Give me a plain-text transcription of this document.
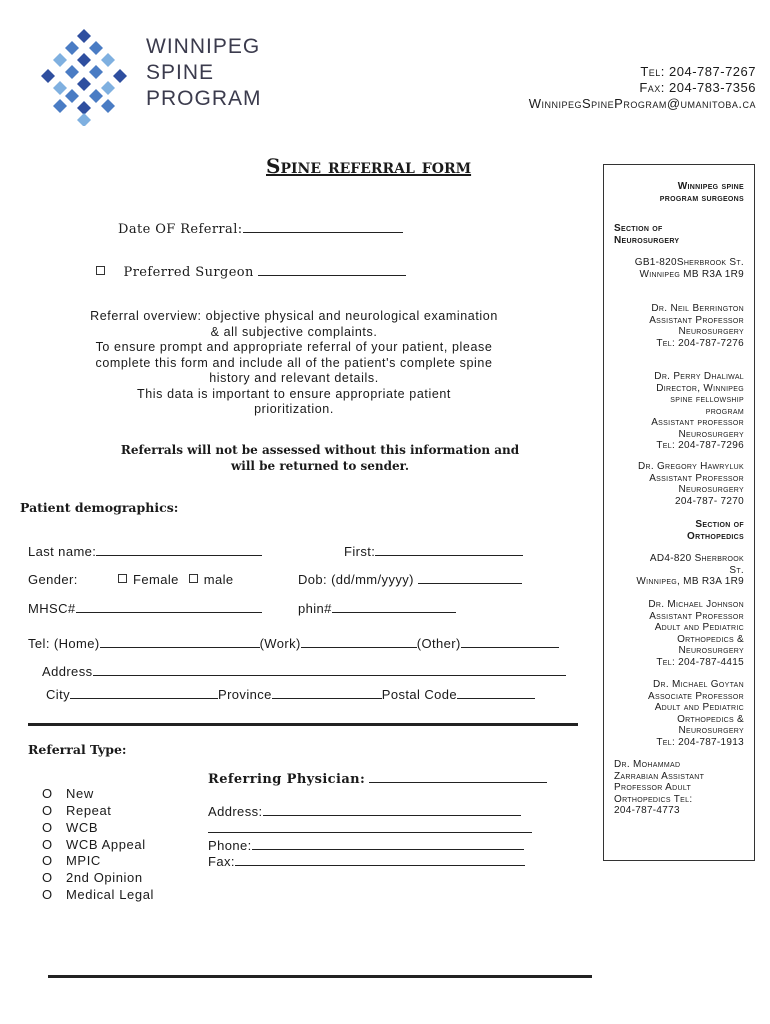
WINNIPEG
SPINE
PROGRAM
Tel: 204-787-7267
Fax: 204-783-7356
WinnipegSpineProgram@umanitoba.ca
Spine referral form
Date OF Referral:
Preferred Surgeon
Referral overview: objective physical and neurological examination
& all subjective complaints.
To ensure prompt and appropriate referral of your patient, please
complete this form and include all of the patient's complete spine
history and relevant details.
This data is important to ensure appropriate patient
prioritization.
Referrals will not be assessed without this information and
will be returned to sender.
Patient demographics:
Last name:	First:
Gender:	Female male	Dob: (dd/mm/yyyy)
MHSC#	phin#
Tel: (Home)	(Work)	(Other)
Address
City	Province	Postal Code
Referral Type:
O New
O Repeat
O WCB
O WCB Appeal
O MPIC
O 2nd Opinion
O Medical Legal
Referring Physician:
Address:
Phone:
Fax:
Winnipeg spine
program surgeons
Section of
Neurosurgery
GB1-820Sherbrook St.
Winnipeg MB R3A 1R9
Dr. Neil Berrington
Assistant Professor
Neurosurgery
Tel: 204-787-7276
Dr. Perry Dhaliwal
Director, Winnipeg
spine fellowship
program
Assistant professor
Neurosurgery
Tel: 204-787-7296
Dr. Gregory Hawryluk
Assistant Professor
Neurosurgery
204-787- 7270
Section of
Orthopedics
AD4-820 Sherbrook
St.
Winnipeg, MB R3A 1R9
Dr. Michael Johnson
Assistant Professor
Adult and Pediatric
Orthopedics &
Neurosurgery
Tel: 204-787-4415
Dr. Michael Goytan
Associate Professor
Adult and Pediatric
Orthopedics &
Neurosurgery
Tel: 204-787-1913
Dr. Mohammad
Zarrabian Assistant
Professor Adult
Orthopedics Tel:
204-787-4773
